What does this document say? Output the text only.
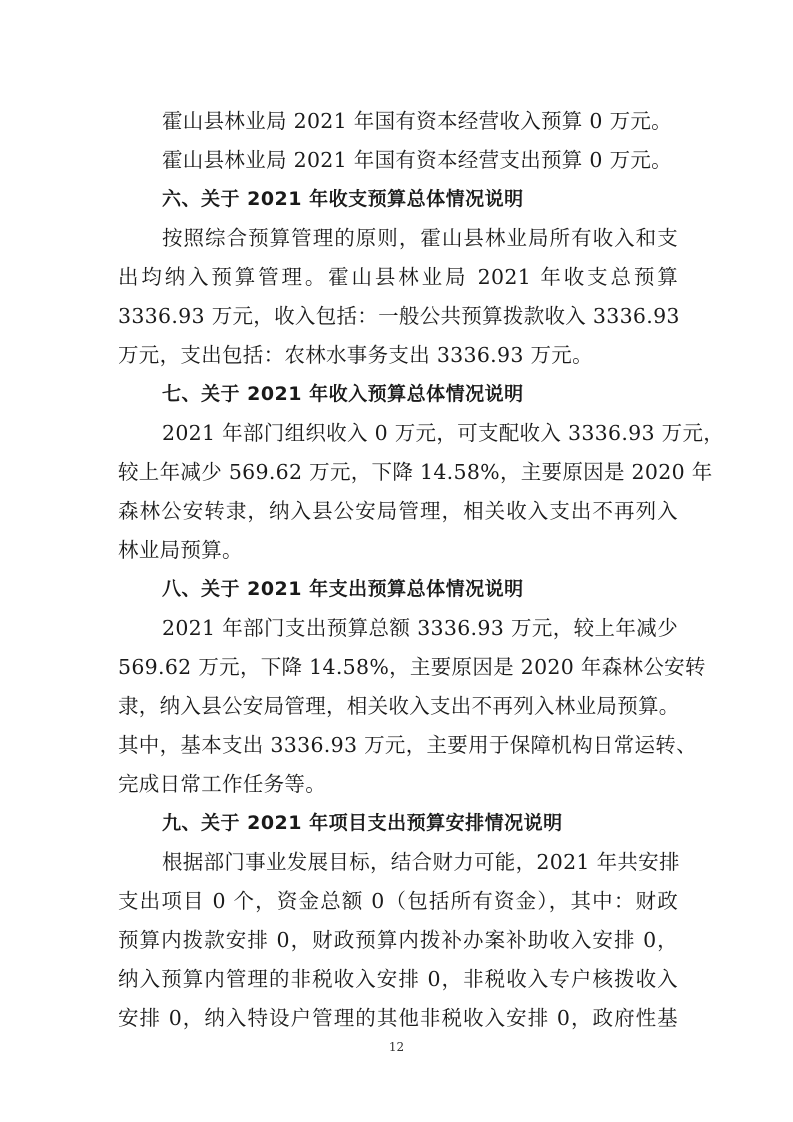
霍山县林业局 2021 年国有资本经营收入预算 0 万元。
霍山县林业局 2021 年国有资本经营支出预算 0 万元。
六、关于 2021 年收支预算总体情况说明
按照综合预算管理的原则，霍山县林业局所有收入和支
出均纳入预算管理。霍山县林业局 2021 年收支总预算
3336.93 万元，收入包括：一般公共预算拨款收入 3336.93
万元，支出包括：农林水事务支出 3336.93 万元。
七、关于 2021 年收入预算总体情况说明
2021 年部门组织收入 0 万元，可支配收入 3336.93 万元，
较上年减少 569.62 万元，下降 14.58%，主要原因是 2020 年
森林公安转隶，纳入县公安局管理，相关收入支出不再列入
林业局预算。
八、关于 2021 年支出预算总体情况说明
2021 年部门支出预算总额 3336.93 万元，较上年减少
569.62 万元，下降 14.58%，主要原因是 2020 年森林公安转
隶，纳入县公安局管理，相关收入支出不再列入林业局预算。
其中，基本支出 3336.93 万元，主要用于保障机构日常运转、
完成日常工作任务等。
九、关于 2021 年项目支出预算安排情况说明
根据部门事业发展目标，结合财力可能，2021 年共安排
支出项目 0 个，资金总额 0（包括所有资金），其中：财政
预算内拨款安排 0，财政预算内拨补办案补助收入安排 0，
纳入预算内管理的非税收入安排 0，非税收入专户核拨收入
安排 0，纳入特设户管理的其他非税收入安排 0，政府性基
12
